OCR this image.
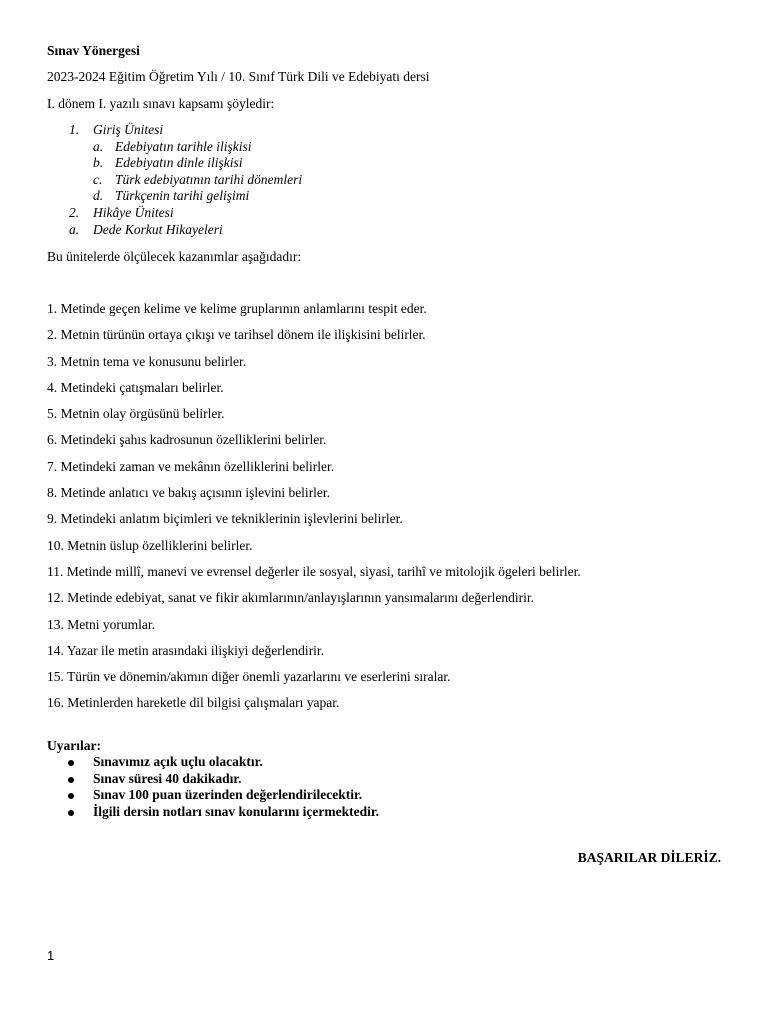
Sınav Yönergesi
2023-2024 Eğitim Öğretim Yılı / 10. Sınıf Türk Dili ve Edebiyatı dersi
I. dönem I. yazılı sınavı kapsamı şöyledir:
1. Giriş Ünitesi
a. Edebiyatın tarihle ilişkisi
b. Edebiyatın dinle ilişkisi
c. Türk edebiyatının tarihi dönemleri
d. Türkçenin tarihi gelişimi
2. Hikâye Ünitesi
a. Dede Korkut Hikayeleri
Bu ünitelerde ölçülecek kazanımlar aşağıdadır:
1. Metinde geçen kelime ve kelime gruplarının anlamlarını tespit eder.
2. Metnin türünün ortaya çıkışı ve tarihsel dönem ile ilişkisini belirler.
3. Metnin tema ve konusunu belirler.
4. Metindeki çatışmaları belirler.
5. Metnin olay örgüsünü belirler.
6. Metindeki şahıs kadrosunun özelliklerini belirler.
7. Metindeki zaman ve mekânın özelliklerini belirler.
8. Metinde anlatıcı ve bakış açısının işlevini belirler.
9. Metindeki anlatım biçimleri ve tekniklerinin işlevlerini belirler.
10. Metnin üslup özelliklerini belirler.
11. Metinde millî, manevi ve evrensel değerler ile sosyal, siyasi, tarihî ve mitolojik ögeleri belirler.
12. Metinde edebiyat, sanat ve fikir akımlarının/anlayışlarının yansımalarını değerlendirir.
13. Metni yorumlar.
14. Yazar ile metin arasındaki ilişkiyi değerlendirir.
15. Türün ve dönemin/akımın diğer önemli yazarlarını ve eserlerini sıralar.
16. Metinlerden hareketle dil bilgisi çalışmaları yapar.
Uyarılar:
Sınavımız açık uçlu olacaktır.
Sınav süresi 40 dakikadır.
Sınav 100 puan üzerinden değerlendirilecektir.
İlgili dersin notları sınav konularını içermektedir.
BAŞARILAR DİLERİZ.
1
